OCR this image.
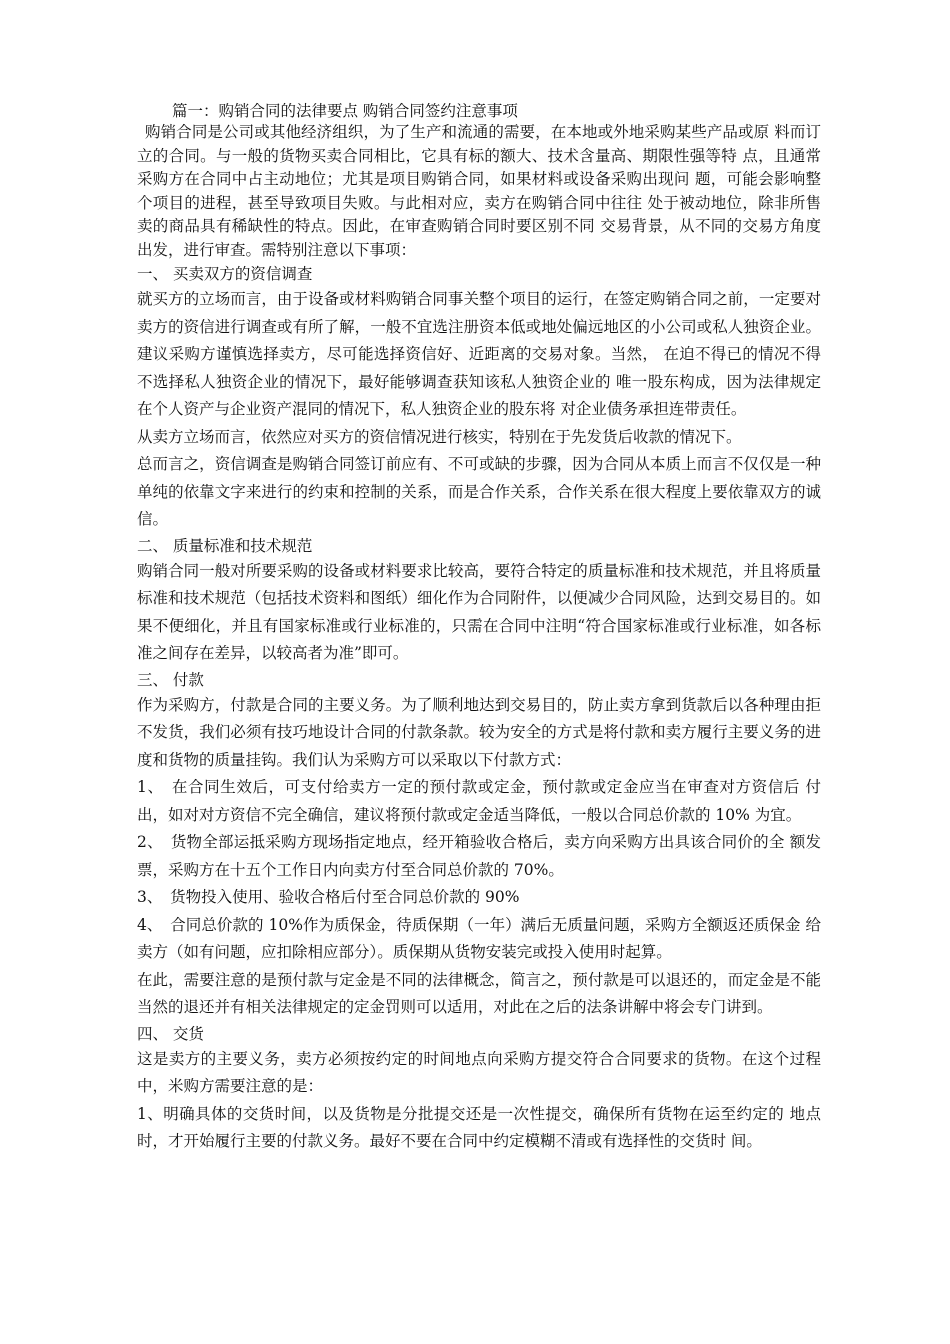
篇一：购销合同的法律要点 购销合同签约注意事项

购销合同是公司或其他经济组织，为了生产和流通的需要，在本地或外地采购某些产品或原 料而订立的合同。与一般的货物买卖合同相比，它具有标的额大、技术含量高、期限性强等特 点，且通常采购方在合同中占主动地位；尤其是项目购销合同，如果材料或设备采购出现问 题，可能会影响整个项目的进程，甚至导致项目失败。与此相对应，卖方在购销合同中往往 处于被动地位，除非所售卖的商品具有稀缺性的特点。因此，在审查购销合同时要区别不同 交易背景，从不同的交易方角度出发，进行审查。需特别注意以下事项：

一、 买卖双方的资信调查

就买方的立场而言，由于设备或材料购销合同事关整个项目的运行，在签定购销合同之前，一定要对卖方的资信进行调查或有所了解，一般不宜选注册资本低或地处偏远地区的小公司或私人独资企业。建议采购方谨慎选择卖方，尽可能选择资信好、近距离的交易对象。当然， 在迫不得已的情况不得不选择私人独资企业的情况下，最好能够调查获知该私人独资企业的 唯一股东构成，因为法律规定在个人资产与企业资产混同的情况下，私人独资企业的股东将 对企业债务承担连带责任。

从卖方立场而言，依然应对买方的资信情况进行核实，特别在于先发货后收款的情况下。

总而言之，资信调查是购销合同签订前应有、不可或缺的步骤，因为合同从本质上而言不仅仅是一种单纯的依靠文字来进行的约束和控制的关系，而是合作关系，合作关系在很大程度上要依靠双方的诚信。

二、 质量标准和技术规范

购销合同一般对所要采购的设备或材料要求比较高，要符合特定的质量标准和技术规范，并且将质量标准和技术规范（包括技术资料和图纸）细化作为合同附件，以便减少合同风险，达到交易目的。如果不便细化，并且有国家标准或行业标准的，只需在合同中注明“符合国家标准或行业标准，如各标准之间存在差异，以较高者为准”即可。

三、 付款

作为采购方，付款是合同的主要义务。为了顺利地达到交易目的，防止卖方拿到货款后以各种理由拒不发货，我们必须有技巧地设计合同的付款条款。较为安全的方式是将付款和卖方履行主要义务的进度和货物的质量挂钩。我们认为采购方可以采取以下付款方式：

1、　在合同生效后，可支付给卖方一定的预付款或定金，预付款或定金应当在审查对方资信后 付出，如对对方资信不完全确信，建议将预付款或定金适当降低，一般以合同总价款的 10% 为宜。

2、　货物全部运抵采购方现场指定地点，经开箱验收合格后，卖方向采购方出具该合同价的全 额发票，采购方在十五个工作日内向卖方付至合同总价款的 70%。

3、　货物投入使用、验收合格后付至合同总价款的 90%

4、　合同总价款的 10%作为质保金，待质保期（一年）满后无质量问题，采购方全额返还质保金 给卖方（如有问题，应扣除相应部分）。质保期从货物安装完或投入使用时起算。

在此，需要注意的是预付款与定金是不同的法律概念，简言之，预付款是可以退还的，而定金是不能当然的退还并有相关法律规定的定金罚则可以适用，对此在之后的法条讲解中将会专门讲到。

四、 交货

这是卖方的主要义务，卖方必须按约定的时间地点向采购方提交符合合同要求的货物。在这个过程中，米购方需要注意的是：

1、明确具体的交货时间，以及货物是分批提交还是一次性提交，确保所有货物在运至约定的 地点时，才开始履行主要的付款义务。最好不要在合同中约定模糊不清或有选择性的交货时 间。
